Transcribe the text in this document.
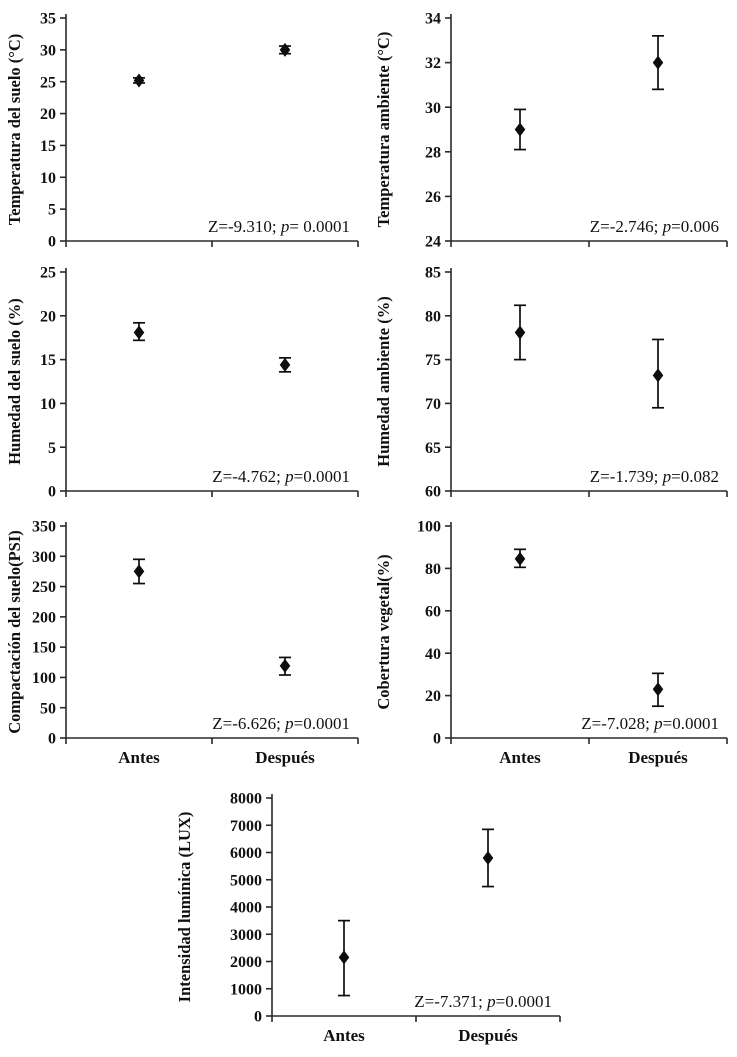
0
5
10
15
20
25
30
35
Temperatura del suelo (°C)
Z=-9.310; p= 0.0001
24
26
28
30
32
34
Temperatura ambiente (°C)	Z=-2.746; p=0.006
0
5
10
15
20
25
Humedad del suelo (%)
Z=-4.762; p=0.0001
60
65
70
75
80
85
Humedad ambiente (%)
Z=-1.739; p=0.082
0
50
100
150
200
250
300
350
Compactación del suelo(PSI)	Z=-6.626; p=0.0001
Antes	Después
0
20
40
60
80
100
Cobertura vegetal(%)
Z=-7.028; p=0.0001
Antes	Después
0
1000
2000
3000
4000
5000
6000
7000
8000
Intensidad lumínica (LUX)	Z=-7.371; p=0.0001
Antes	Después
